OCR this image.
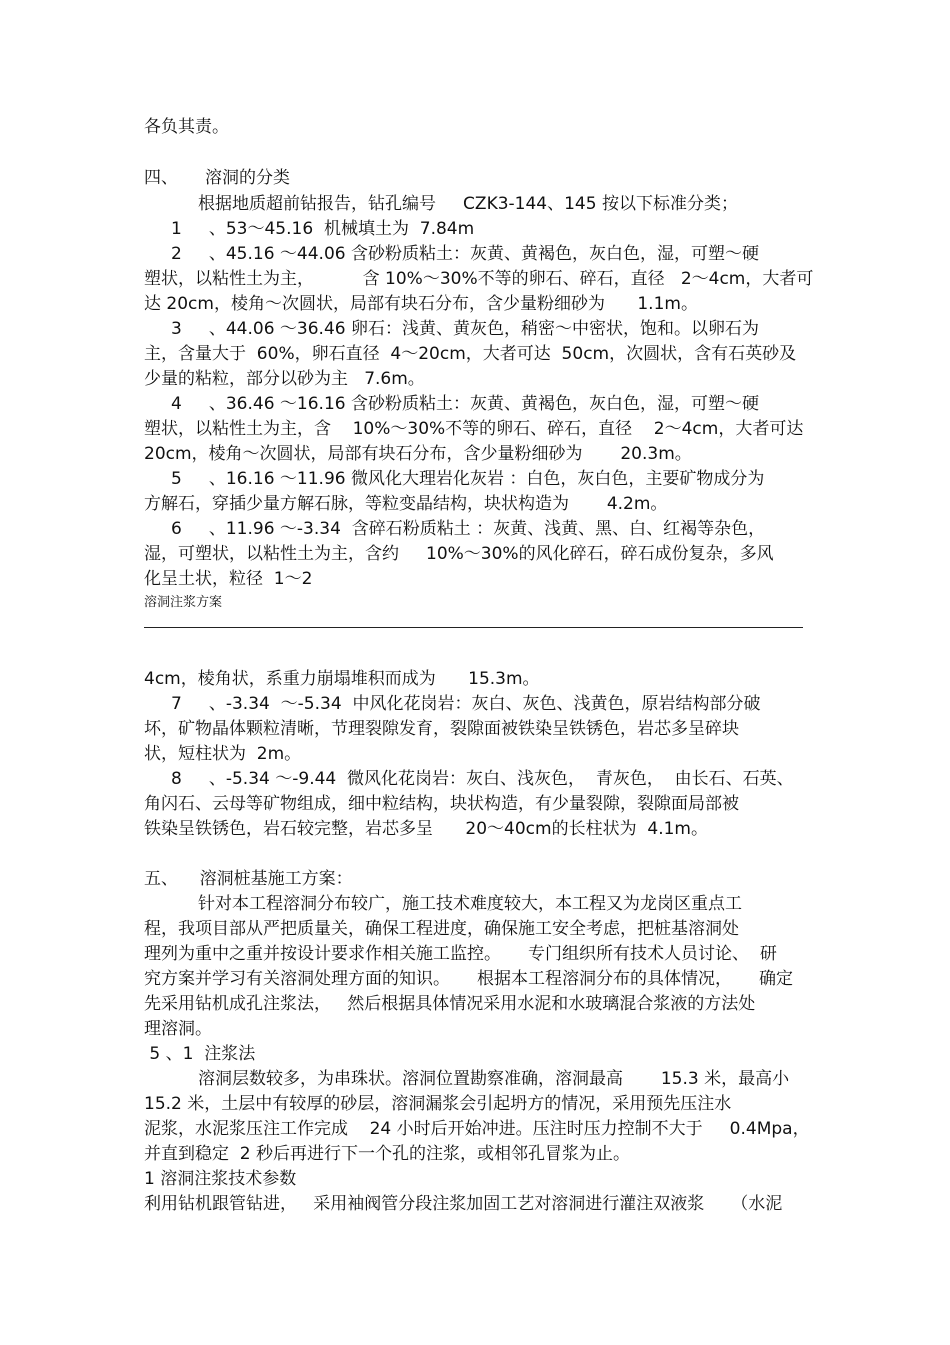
各负其责。

四、     溶洞的分类

根据地质超前钻报告，钻孔编号     CZK3-144、145 按以下标准分类；

1     、53～45.16  机械填土为  7.84m

2     、45.16 ～44.06 含砂粉质粘土：灰黄、黄褐色，灰白色，湿，可塑～硬

塑状，以粘性土为主，         含 10%～30%不等的卵石、碎石，直径   2～4cm，大者可

达 20cm，棱角～次圆状，局部有块石分布，含少量粉细砂为      1.1m。

3     、44.06 ～36.46 卵石：浅黄、黄灰色，稍密～中密状，饱和。以卵石为

主，含量大于  60%，卵石直径  4～20cm，大者可达  50cm，次圆状，含有石英砂及

少量的粘粒，部分以砂为主   7.6m。

4     、36.46 ～16.16 含砂粉质粘土：灰黄、黄褐色，灰白色，湿，可塑～硬

塑状，以粘性土为主，含    10%～30%不等的卵石、碎石，直径    2～4cm，大者可达

20cm，棱角～次圆状，局部有块石分布，含少量粉细砂为       20.3m。

5     、16.16 ～11.96 微风化大理岩化灰岩 ：白色，灰白色，主要矿物成分为

方解石，穿插少量方解石脉，等粒变晶结构，块状构造为       4.2m。

6     、11.96 ～-3.34  含碎石粉质粘土 ：灰黄、浅黄、黑、白、红褐等杂色，

湿，可塑状，以粘性土为主，含约     10%～30%的风化碎石，碎石成份复杂，多风

化呈土状，粒径  1～2

溶洞注浆方案

4cm，棱角状，系重力崩塌堆积而成为      15.3m。

7     、-3.34  ～-5.34  中风化花岗岩：灰白、灰色、浅黄色，原岩结构部分破

坏，矿物晶体颗粒清晰，节理裂隙发育，裂隙面被铁染呈铁锈色，岩芯多呈碎块

状，短柱状为  2m。

8     、-5.34 ～-9.44  微风化花岗岩：灰白、浅灰色，  青灰色，  由长石、石英、

角闪石、云母等矿物组成，细中粒结构，块状构造，有少量裂隙，裂隙面局部被

铁染呈铁锈色，岩石较完整，岩芯多呈      20～40cm的长柱状为  4.1m。

五、    溶洞桩基施工方案：

针对本工程溶洞分布较广，施工技术难度较大，本工程又为龙岗区重点工

程，我项目部从严把质量关，确保工程进度，确保施工安全考虑，把桩基溶洞处

理列为重中之重并按设计要求作相关施工监控。     专门组织所有技术人员讨论、  研

究方案并学习有关溶洞处理方面的知识。     根据本工程溶洞分布的具体情况，     确定

先采用钻机成孔注浆法，   然后根据具体情况采用水泥和水玻璃混合浆液的方法处

理溶洞。

5 、1  注浆法

溶洞层数较多，为串珠状。溶洞位置勘察准确，溶洞最高       15.3 米，最高小

15.2 米，土层中有较厚的砂层，溶洞漏浆会引起坍方的情况，采用预先压注水

泥浆，水泥浆压注工作完成    24 小时后开始冲进。压注时压力控制不大于     0.4Mpa，

并直到稳定  2 秒后再进行下一个孔的注浆，或相邻孔冒浆为止。

1 溶洞注浆技术参数

利用钻机跟管钻进，   采用袖阀管分段注浆加固工艺对溶洞进行灌注双液浆     （水泥
